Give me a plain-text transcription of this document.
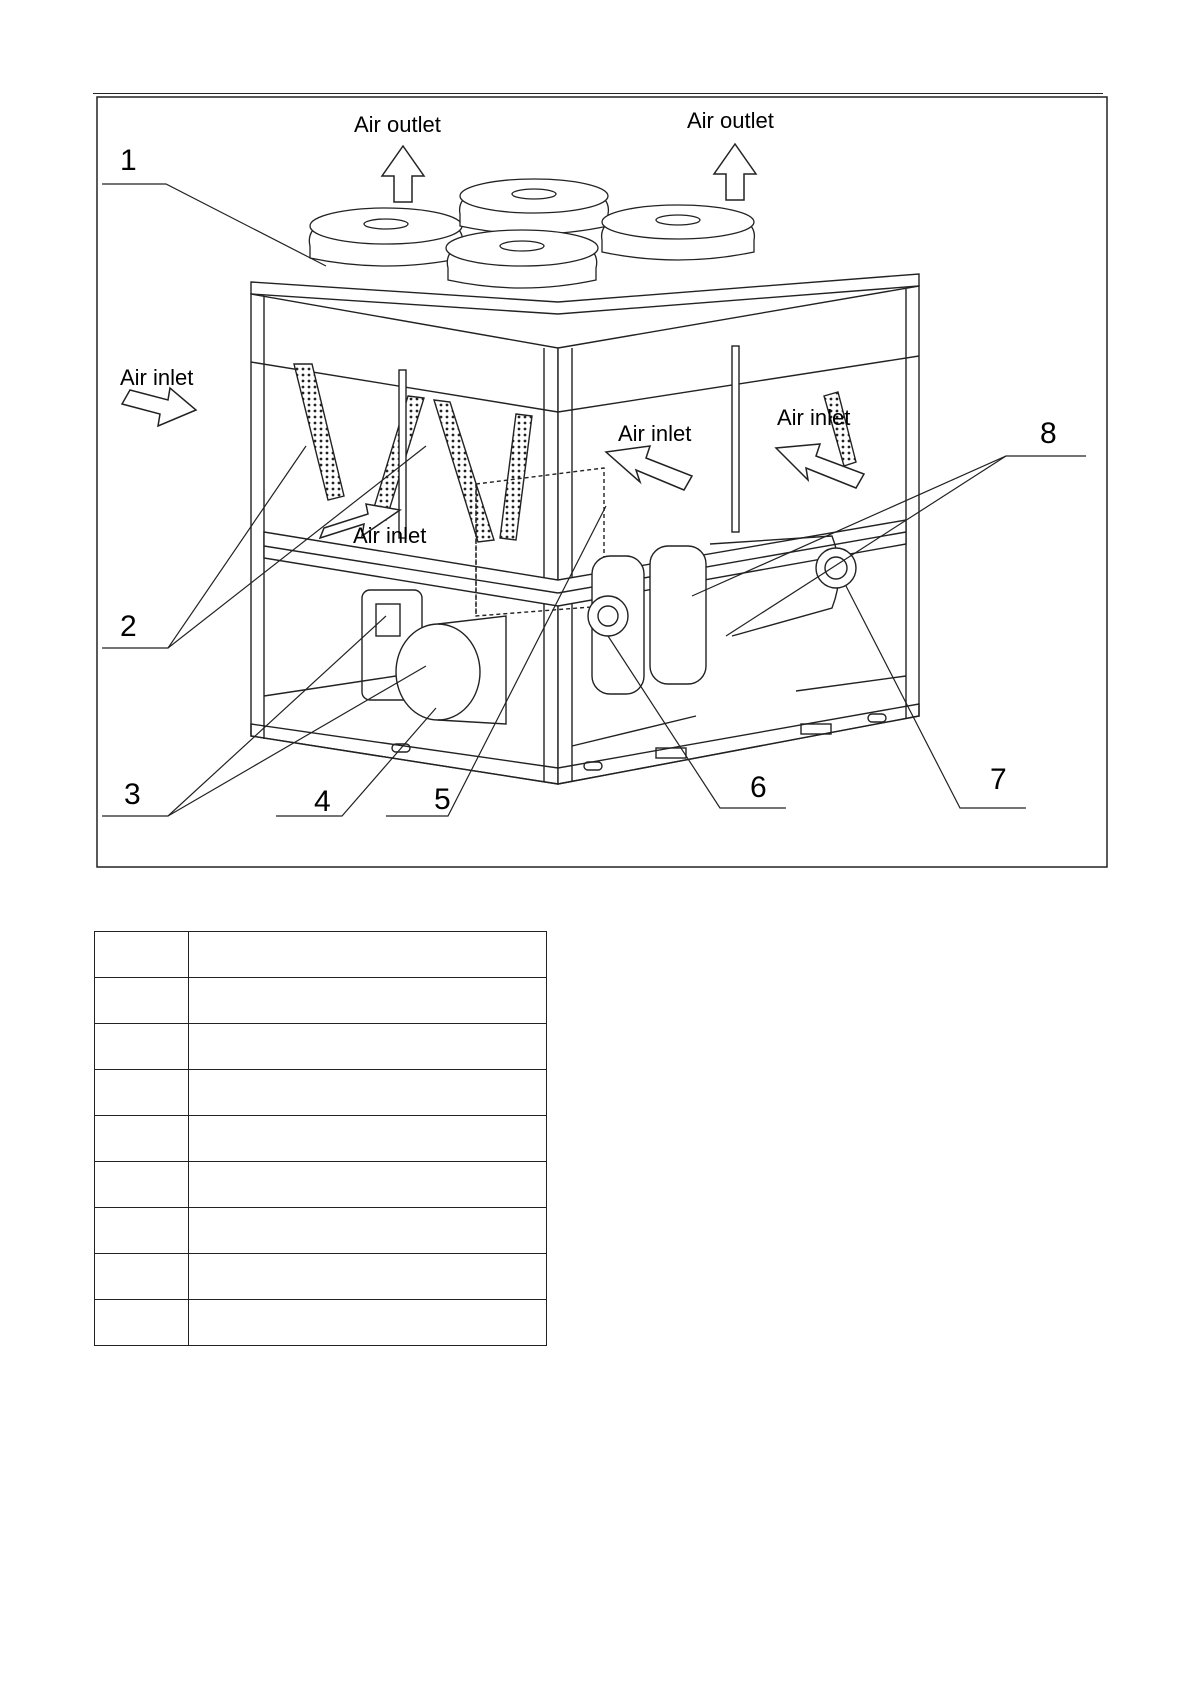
Air outlet	Air outlet
Air inlet
Air inlet
Air inlet
Air inlet
1
2
3	4	5	6	7
8
